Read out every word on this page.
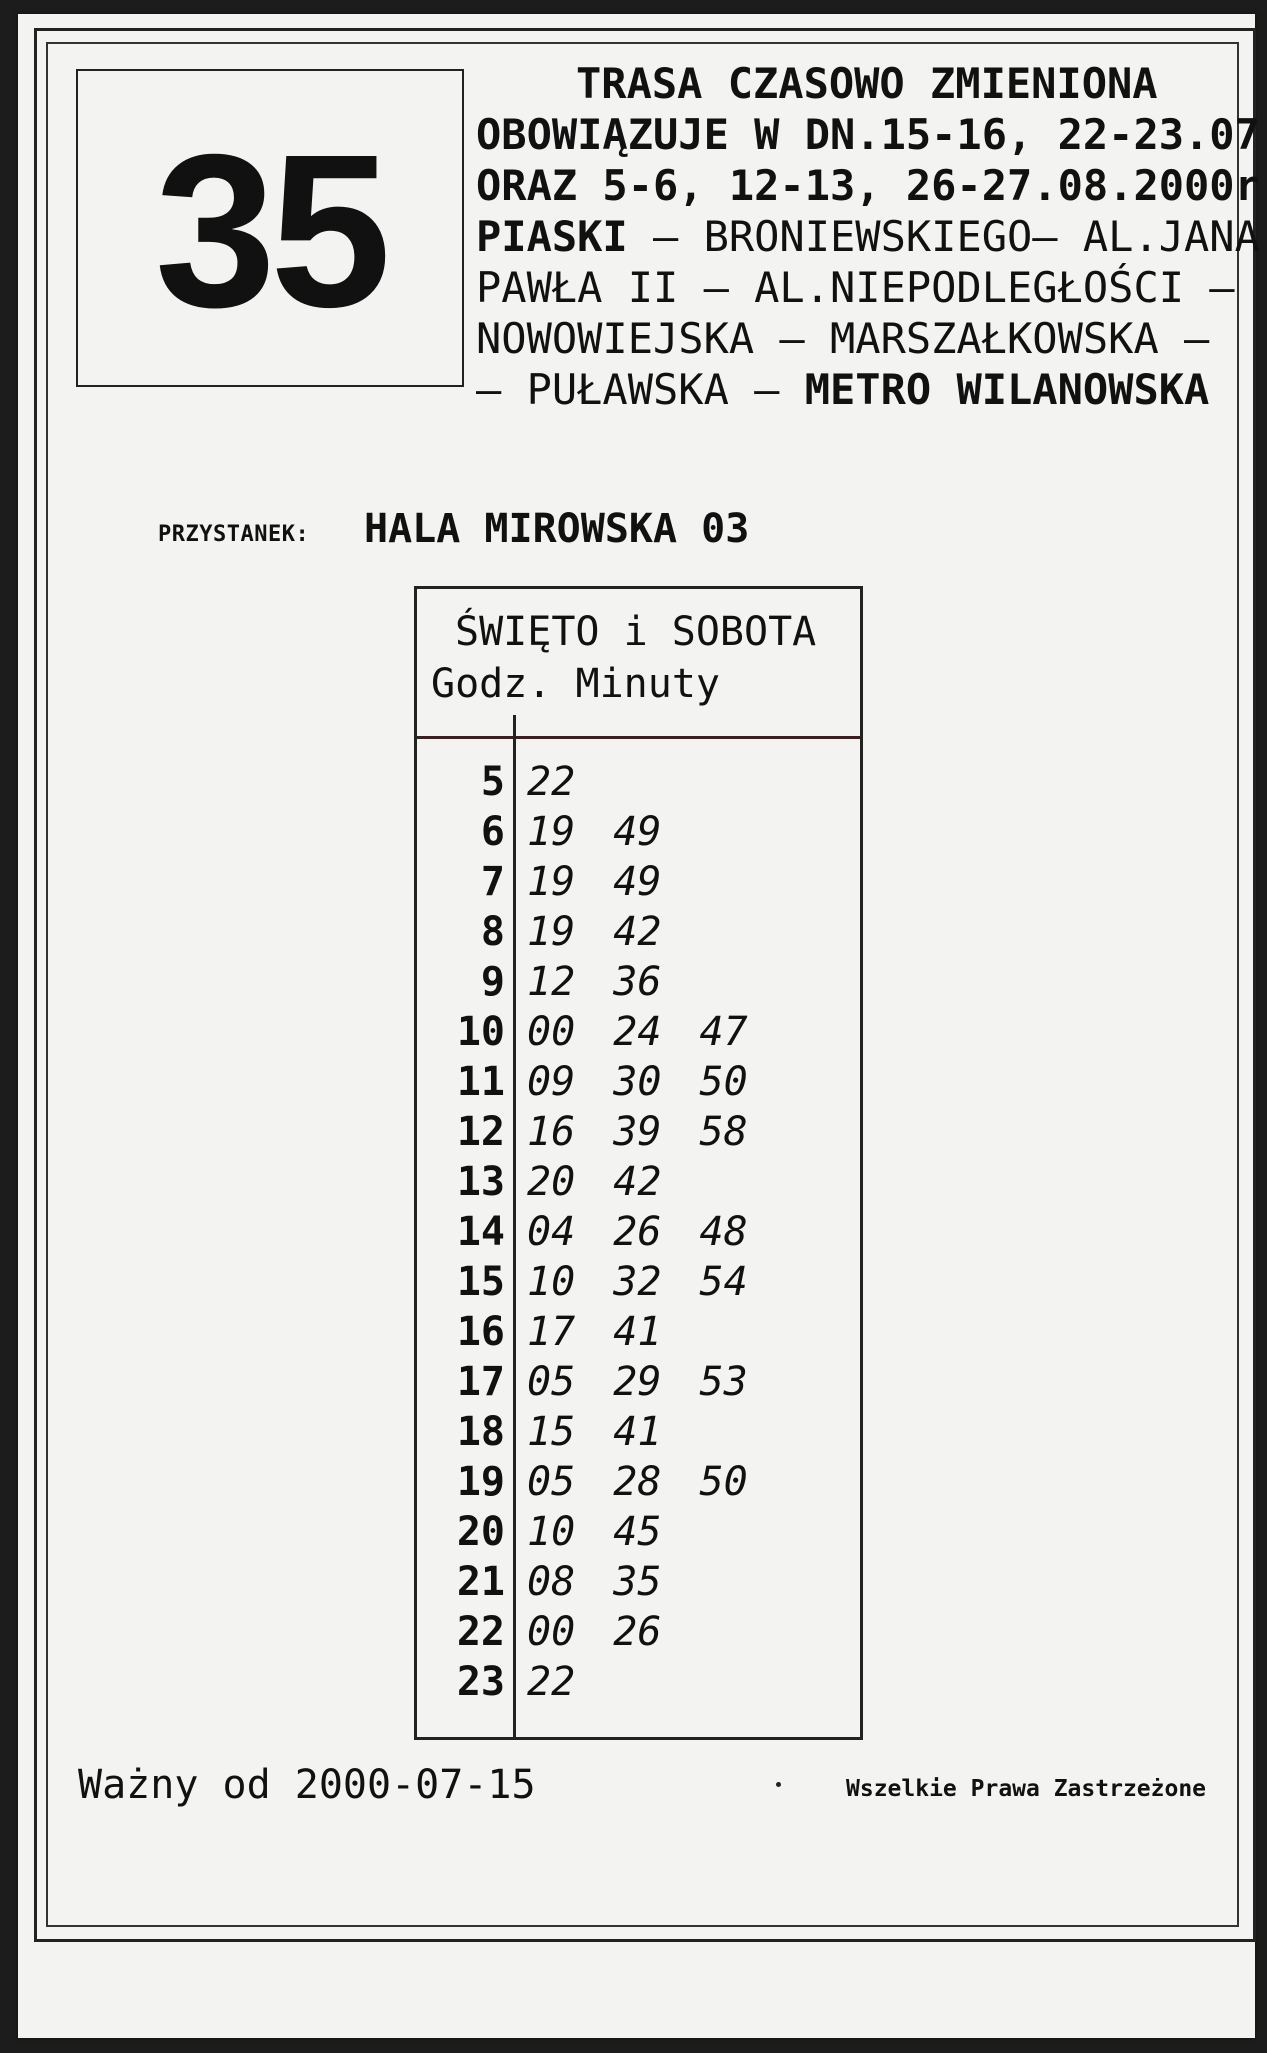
35
TRASA CZASOWO ZMIENIONA
OBOWIĄZUJE W DN.15-16, 22-23.07
ORAZ 5-6, 12-13, 26-27.08.2000r
PIASKI – BRONIEWSKIEGO– AL.JANA
PAWŁA II – AL.NIEPODLEGŁOŚCI –
NOWOWIEJSKA – MARSZAŁKOWSKA –
– PUŁAWSKA – METRO WILANOWSKA
PRZYSTANEK: HALA MIROWSKA 03
ŚWIĘTO i SOBOTA
Godz. Minuty
5 22
6 19 49
7 19 49
8 19 42
9 12 36
10 00 24 47
11 09 30 50
12 16 39 58
13 20 42
14 04 26 48
15 10 32 54
16 17 41
17 05 29 53
18 15 41
19 05 28 50
20 10 45
21 08 35
22 00 26
23 22
Ważny od 2000-07-15	Wszelkie Prawa Zastrzeżone
